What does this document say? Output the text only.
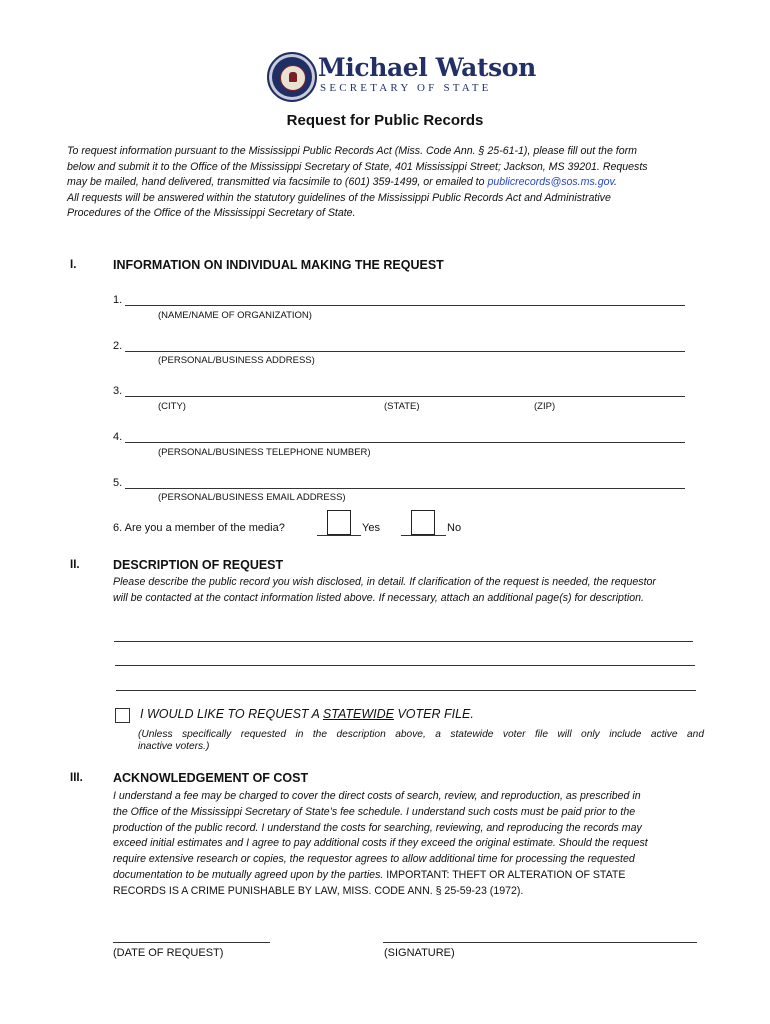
Michael Watson
SECRETARY OF STATE
Request for Public Records
To request information pursuant to the Mississippi Public Records Act (Miss. Code Ann. § 25-61-1), please fill out the form
below and submit it to the Office of the Mississippi Secretary of State, 401 Mississippi Street; Jackson, MS 39201. Requests
may be mailed, hand delivered, transmitted via facsimile to (601) 359-1499, or emailed to publicrecords@sos.ms.gov.
All requests will be answered within the statutory guidelines of the Mississippi Public Records Act and Administrative
Procedures of the Office of the Mississippi Secretary of State.
I.	INFORMATION ON INDIVIDUAL MAKING THE REQUEST
1.
(NAME/NAME OF ORGANIZATION)
2.
(PERSONAL/BUSINESS ADDRESS)
3.
(CITY)	(STATE)	(ZIP)
4.
(PERSONAL/BUSINESS TELEPHONE NUMBER)
5.
(PERSONAL/BUSINESS EMAIL ADDRESS)
6. Are you a member of the media?	Yes	No
II.	DESCRIPTION OF REQUEST
Please describe the public record you wish disclosed, in detail. If clarification of the request is needed, the requestor
will be contacted at the contact information listed above. If necessary, attach an additional page(s) for description.
I WOULD LIKE TO REQUEST A STATEWIDE VOTER FILE.
(Unless specifically requested in the description above, a statewide voter file will only include active and
inactive voters.)
III. ACKNOWLEDGEMENT OF COST
I understand a fee may be charged to cover the direct costs of search, review, and reproduction, as prescribed in
the Office of the Mississippi Secretary of State’s fee schedule. I understand such costs must be paid prior to the
production of the public record. I understand the costs for searching, reviewing, and reproducing the records may
exceed initial estimates and I agree to pay additional costs if they exceed the original estimate. Should the request
require extensive research or copies, the requestor agrees to allow additional time for processing the requested
documentation to be mutually agreed upon by the parties. IMPORTANT: THEFT OR ALTERATION OF STATE
RECORDS IS A CRIME PUNISHABLE BY LAW, MISS. CODE ANN. § 25-59-23 (1972).
(DATE OF REQUEST)	(SIGNATURE)
